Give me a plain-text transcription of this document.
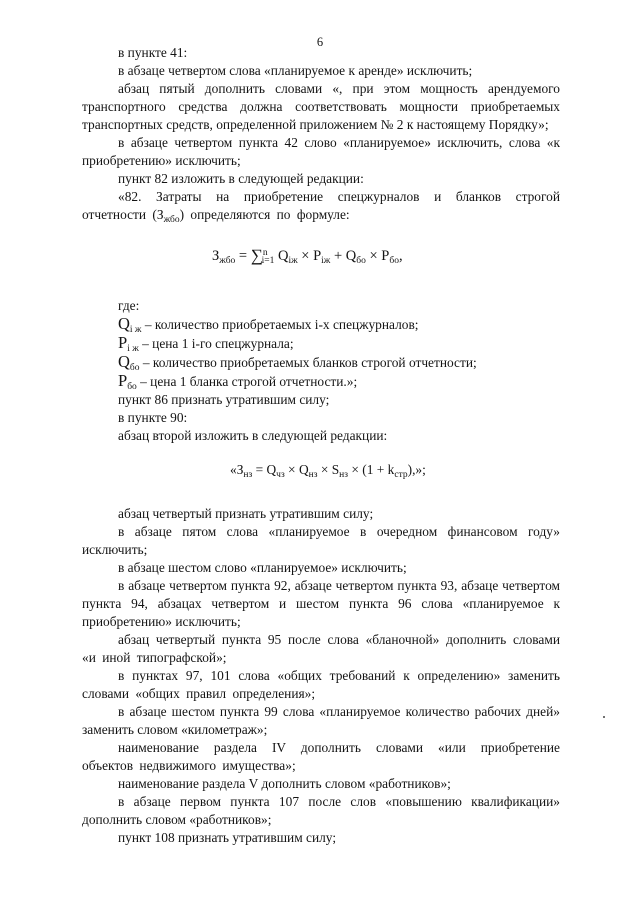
6
в пункте 41:
в абзаце четвертом слова «планируемое к аренде» исключить;
абзац пятый дополнить словами «, при этом мощность арендуемого транспортного средства должна соответствовать мощности приобретаемых транспортных средств, определенной приложением № 2 к настоящему Порядку»;
в абзаце четвертом пункта 42 слово «планируемое» исключить, слова «к приобретению» исключить;
пункт 82 изложить в следующей редакции:
«82. Затраты на приобретение спецжурналов и бланков строгой отчетности $(З_{жбо})$ определяются по формуле:
$З_{жбо} = \sum^n_{i=1}$ $Q_{iж} \times P_{iж} + Q_{бо} \times P_{бо}$,
где:
$Q_{i ж}$ – количество приобретаемых i-х спецжурналов;
$P_{i ж}$ – цена 1 i-го спецжурнала;
$Q_{бо}$ – количество приобретаемых бланков строгой отчетности;
$P_{бо}$ – цена 1 бланка строгой отчетности.»;
пункт 86 признать утратившим силу;
в пункте 90:
абзац второй изложить в следующей редакции:
«$З_{нз} = Q_{чз} \times Q_{нз} \times S_{нз} \times (1 + k_{стр})$,»;
абзац четвертый признать утратившим силу;
в абзаце пятом слова «планируемое в очередном финансовом году» исключить;
в абзаце шестом слово «планируемое» исключить;
в абзаце четвертом пункта 92, абзаце четвертом пункта 93, абзаце четвертом пункта 94, абзацах четвертом и шестом пункта 96 слова «планируемое к приобретению» исключить;
абзац четвертый пункта 95 после слова «бланочной» дополнить словами «и иной типографской»;
в пунктах 97, 101 слова «общих требований к определению» заменить словами «общих правил определения»;
в абзаце шестом пункта 99 слова «планируемое количество рабочих дней» заменить словом «километраж»;
наименование раздела IV дополнить словами «или приобретение объектов недвижимого имущества»;
наименование раздела V дополнить словом «работников»;
в абзаце первом пункта 107 после слов «повышению квалификации» дополнить словом «работников»;
пункт 108 признать утратившим силу;
